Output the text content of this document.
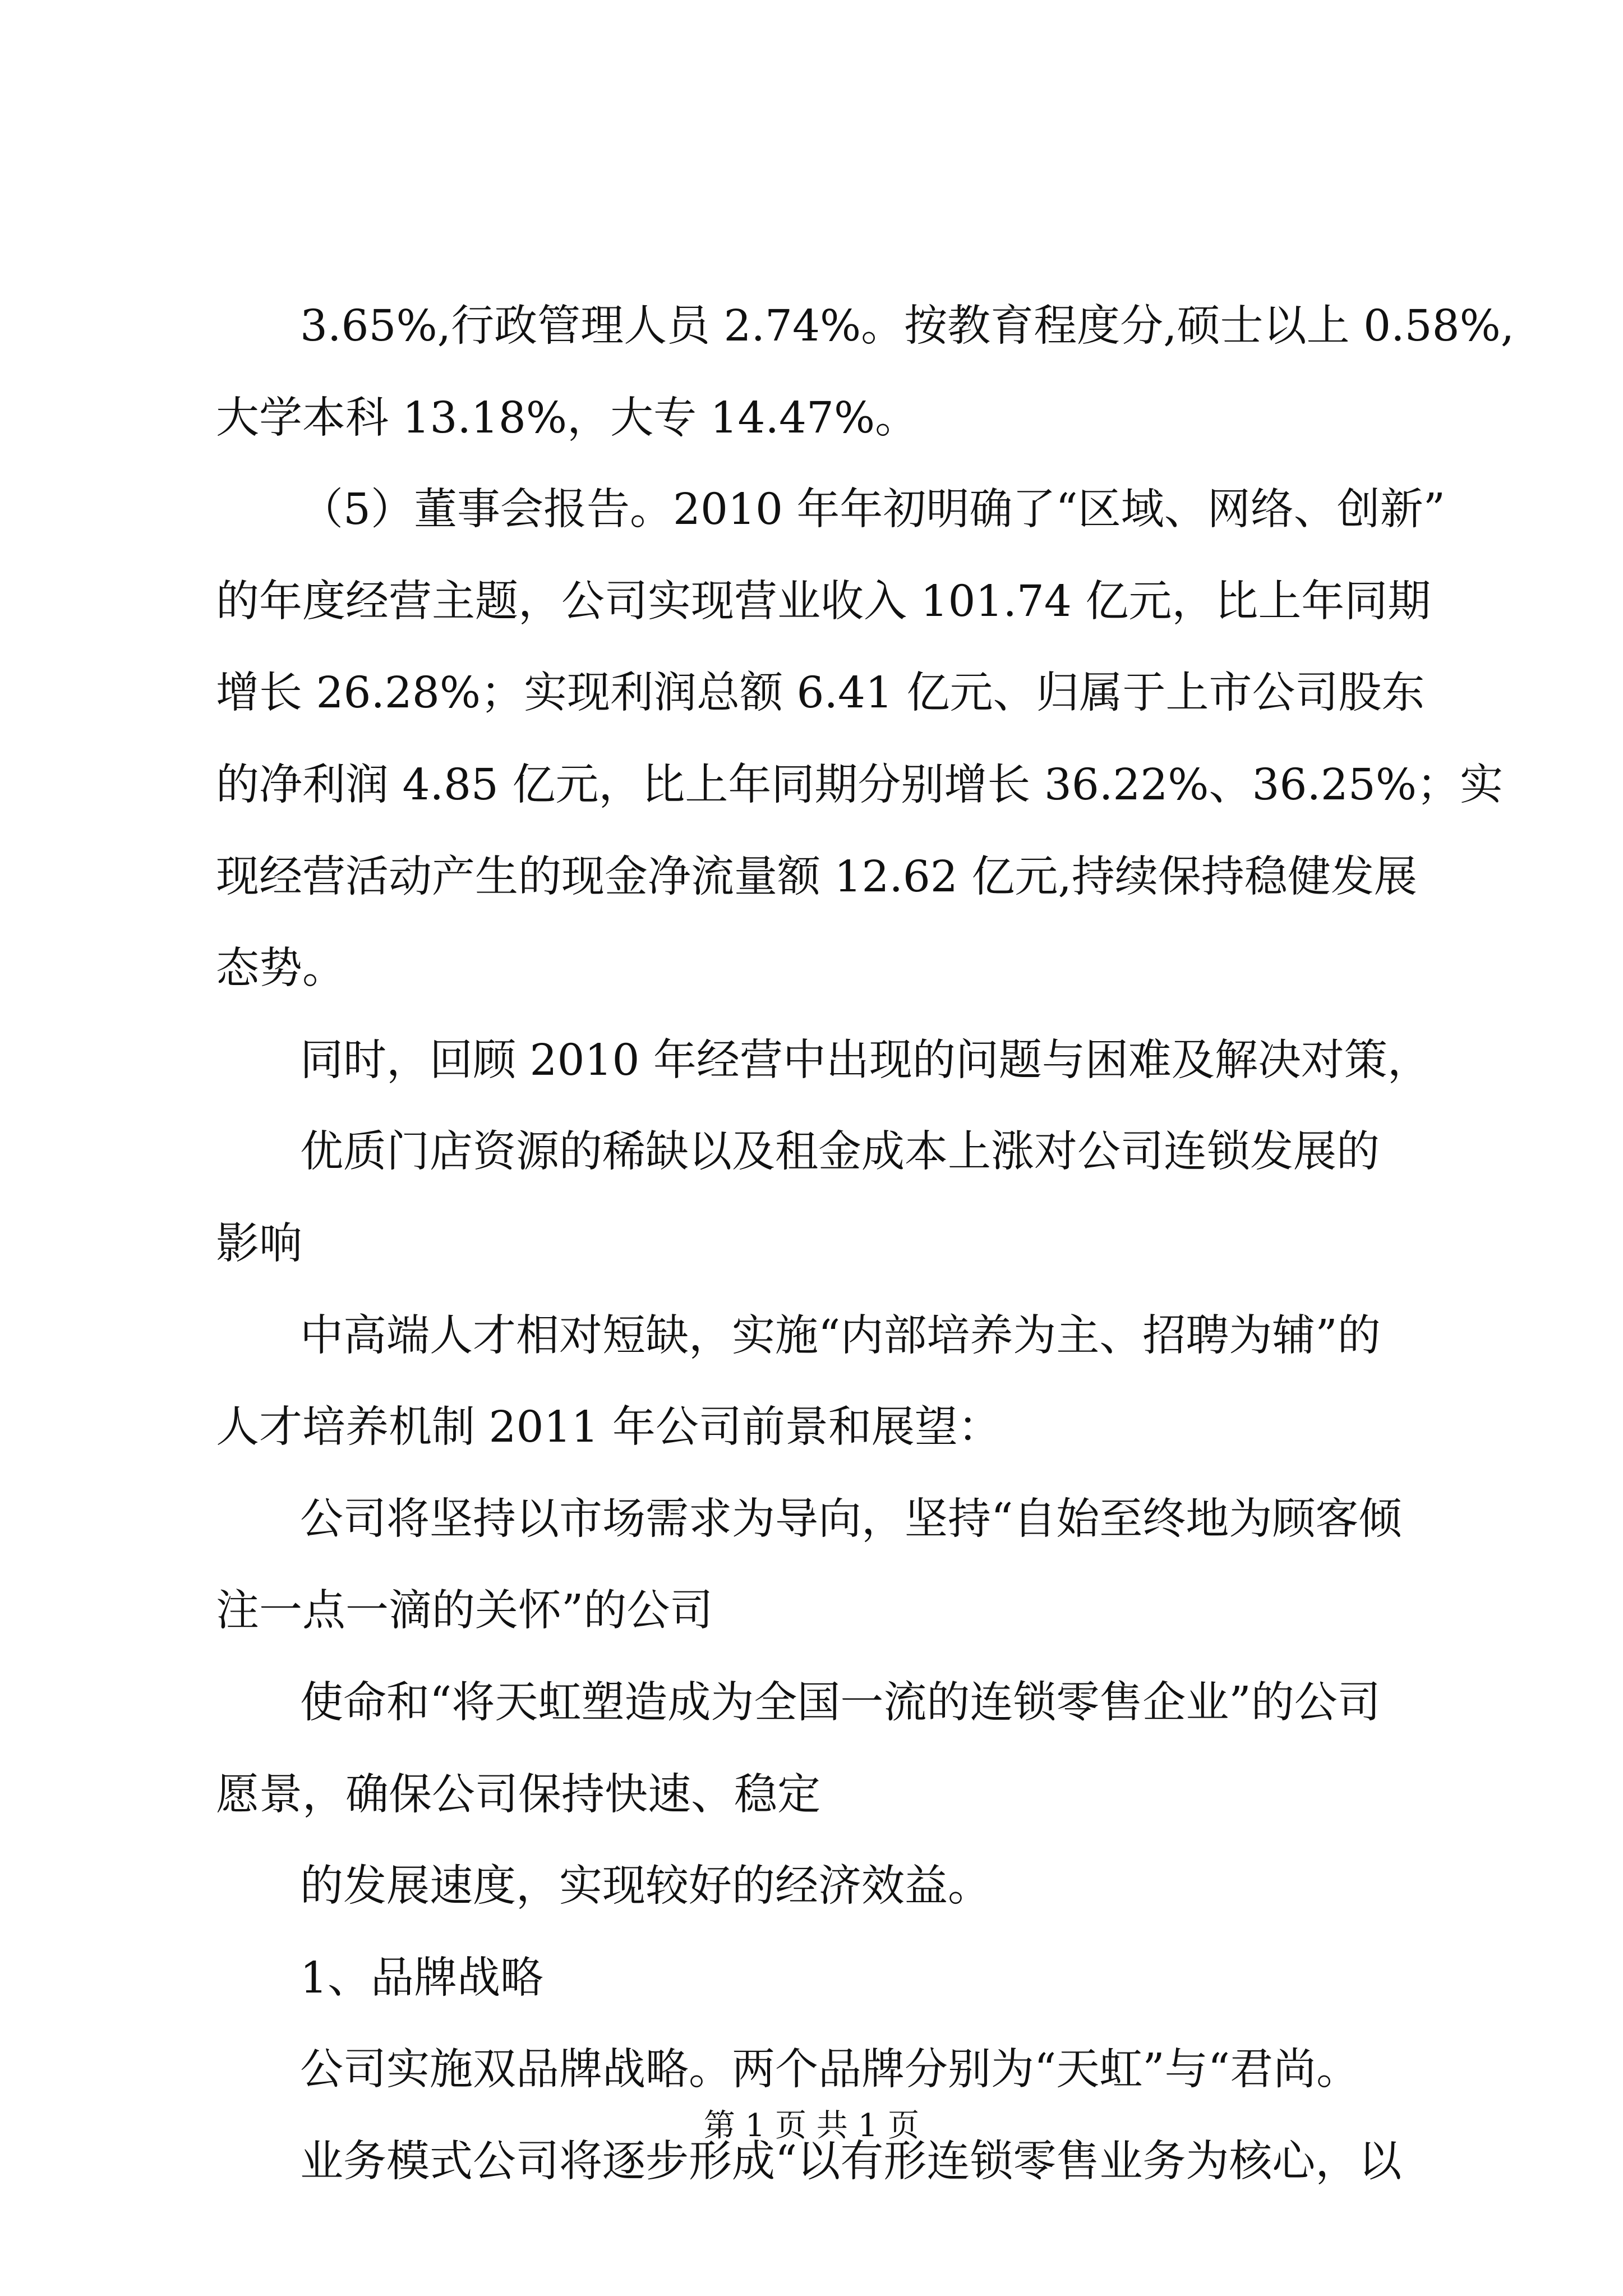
3.65%,行政管理人员 2.74%。按教育程度分,硕士以上 0.58%,
大学本科 13.18%，大专 14.47%。
（5）董事会报告。2010 年年初明确了“区域、网络、创新”
的年度经营主题，公司实现营业收入 101.74 亿元，比上年同期
增长 26.28%；实现利润总额 6.41 亿元、归属于上市公司股东
的净利润 4.85 亿元，比上年同期分别增长 36.22%、36.25%；实
现经营活动产生的现金净流量额 12.62 亿元,持续保持稳健发展
态势。
同时，回顾 2010 年经营中出现的问题与困难及解决对策，
优质门店资源的稀缺以及租金成本上涨对公司连锁发展的
影响
中高端人才相对短缺，实施“内部培养为主、招聘为辅”的
人才培养机制 2011 年公司前景和展望：
公司将坚持以市场需求为导向，坚持“自始至终地为顾客倾
注一点一滴的关怀”的公司
使命和“将天虹塑造成为全国一流的连锁零售企业”的公司
愿景，确保公司保持快速、稳定
的发展速度，实现较好的经济效益。
1、品牌战略
公司实施双品牌战略。两个品牌分别为“天虹”与“君尚。
业务模式公司将逐步形成“以有形连锁零售业务为核心，以
第 1 页 共 1 页
